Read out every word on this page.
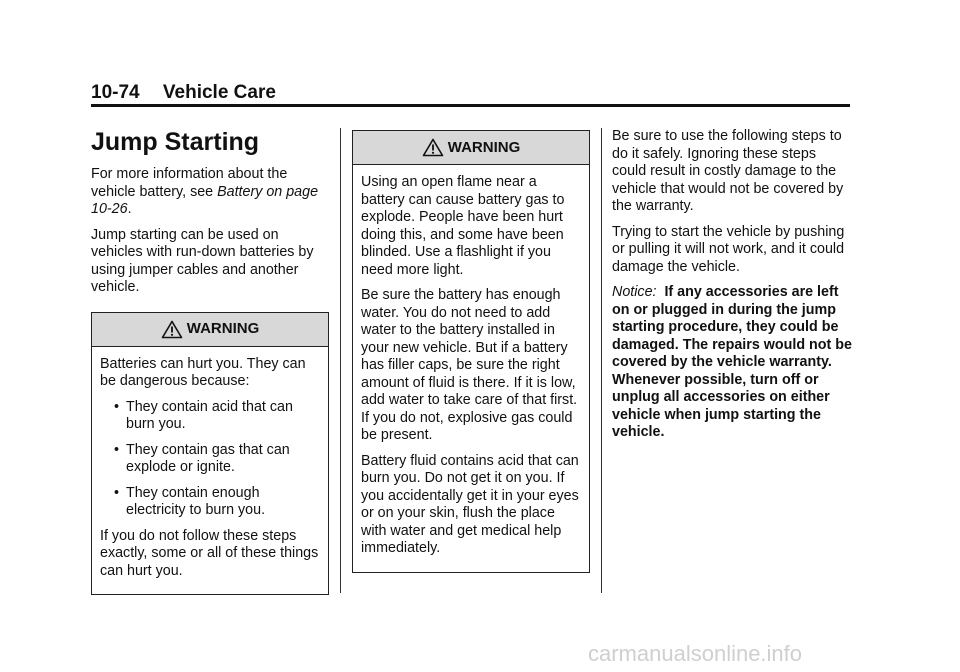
10-74 Vehicle Care
Jump Starting

For more information about the vehicle battery, see Battery on page 10-26.

Jump starting can be used on vehicles with run-down batteries by using jumper cables and another vehicle.

WARNING

Batteries can hurt you. They can be dangerous because:

• They contain acid that can burn you.
• They contain gas that can explode or ignite.
• They contain enough electricity to burn you.

If you do not follow these steps exactly, some or all of these things can hurt you.

WARNING

Using an open flame near a battery can cause battery gas to explode. People have been hurt doing this, and some have been blinded. Use a flashlight if you need more light.

Be sure the battery has enough water. You do not need to add water to the battery installed in your new vehicle. But if a battery has filler caps, be sure the right amount of fluid is there. If it is low, add water to take care of that first. If you do not, explosive gas could be present.

Battery fluid contains acid that can burn you. Do not get it on you. If you accidentally get it in your eyes or on your skin, flush the place with water and get medical help immediately.

Be sure to use the following steps to do it safely. Ignoring these steps could result in costly damage to the vehicle that would not be covered by the warranty.

Trying to start the vehicle by pushing or pulling it will not work, and it could damage the vehicle.

Notice: If any accessories are left on or plugged in during the jump starting procedure, they could be damaged. The repairs would not be covered by the vehicle warranty. Whenever possible, turn off or unplug all accessories on either vehicle when jump starting the vehicle.

carmanualsonline.info
